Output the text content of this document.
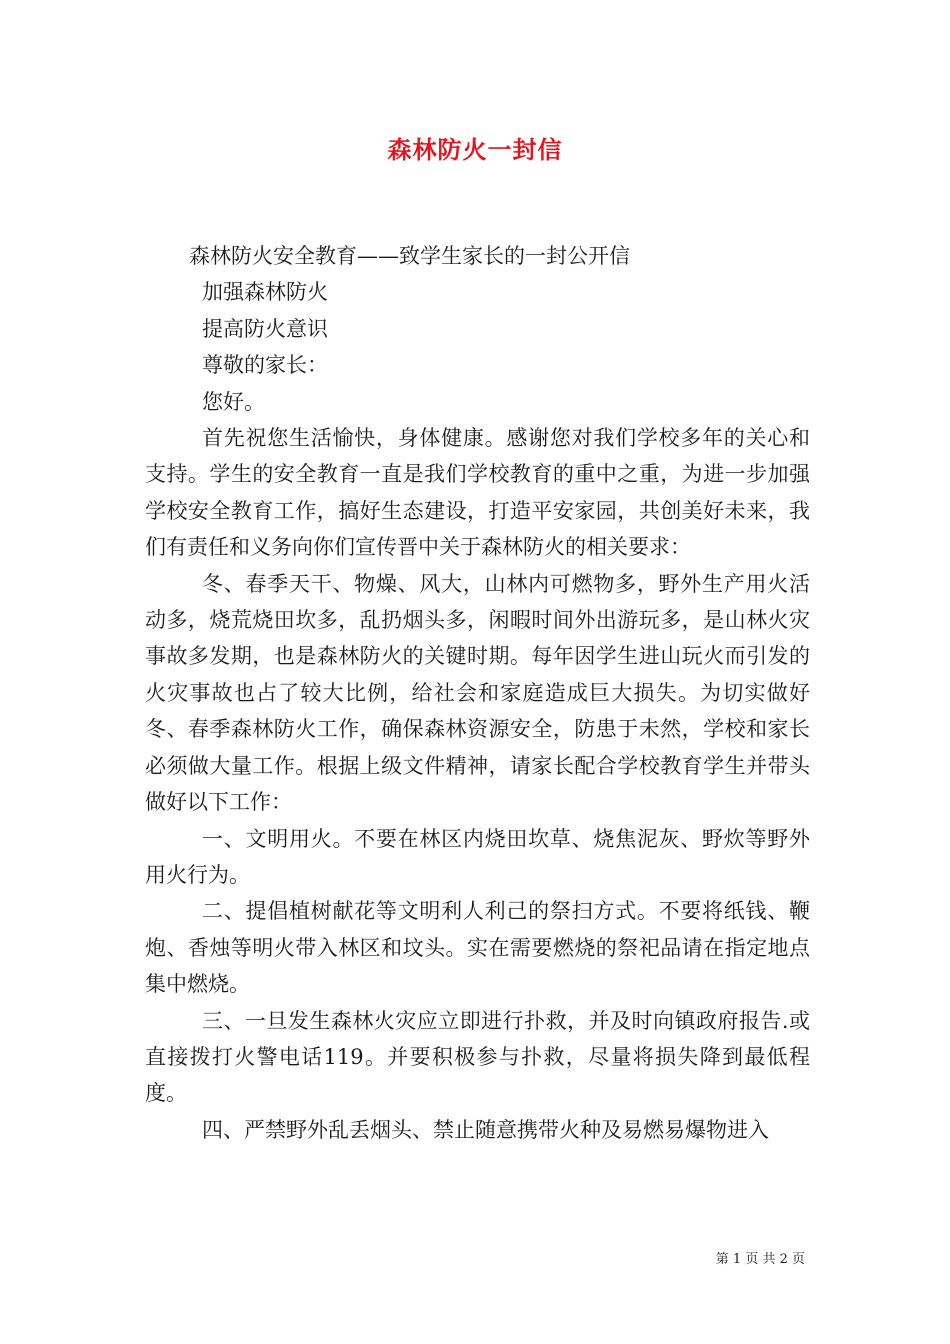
森林防火一封信

森林防火安全教育——致学生家长的一封公开信

加强森林防火

提高防火意识

尊敬的家长：

您好。

首先祝您生活愉快，身体健康。感谢您对我们学校多年的关心和支持。学生的安全教育一直是我们学校教育的重中之重，为进一步加强学校安全教育工作，搞好生态建设，打造平安家园，共创美好未来，我们有责任和义务向你们宣传晋中关于森林防火的相关要求：

冬、春季天干、物燥、风大，山林内可燃物多，野外生产用火活动多，烧荒烧田坎多，乱扔烟头多，闲暇时间外出游玩多，是山林火灾事故多发期，也是森林防火的关键时期。每年因学生进山玩火而引发的火灾事故也占了较大比例，给社会和家庭造成巨大损失。为切实做好冬、春季森林防火工作，确保森林资源安全，防患于未然，学校和家长必须做大量工作。根据上级文件精神，请家长配合学校教育学生并带头做好以下工作：

一、文明用火。不要在林区内烧田坎草、烧焦泥灰、野炊等野外用火行为。

二、提倡植树献花等文明利人利己的祭扫方式。不要将纸钱、鞭炮、香烛等明火带入林区和坟头。实在需要燃烧的祭祀品请在指定地点集中燃烧。

三、一旦发生森林火灾应立即进行扑救，并及时向镇政府报告.或直接拨打火警电话119。并要积极参与扑救，尽量将损失降到最低程度。

四、严禁野外乱丢烟头、禁止随意携带火种及易燃易爆物进入

第 1 页 共 2 页
